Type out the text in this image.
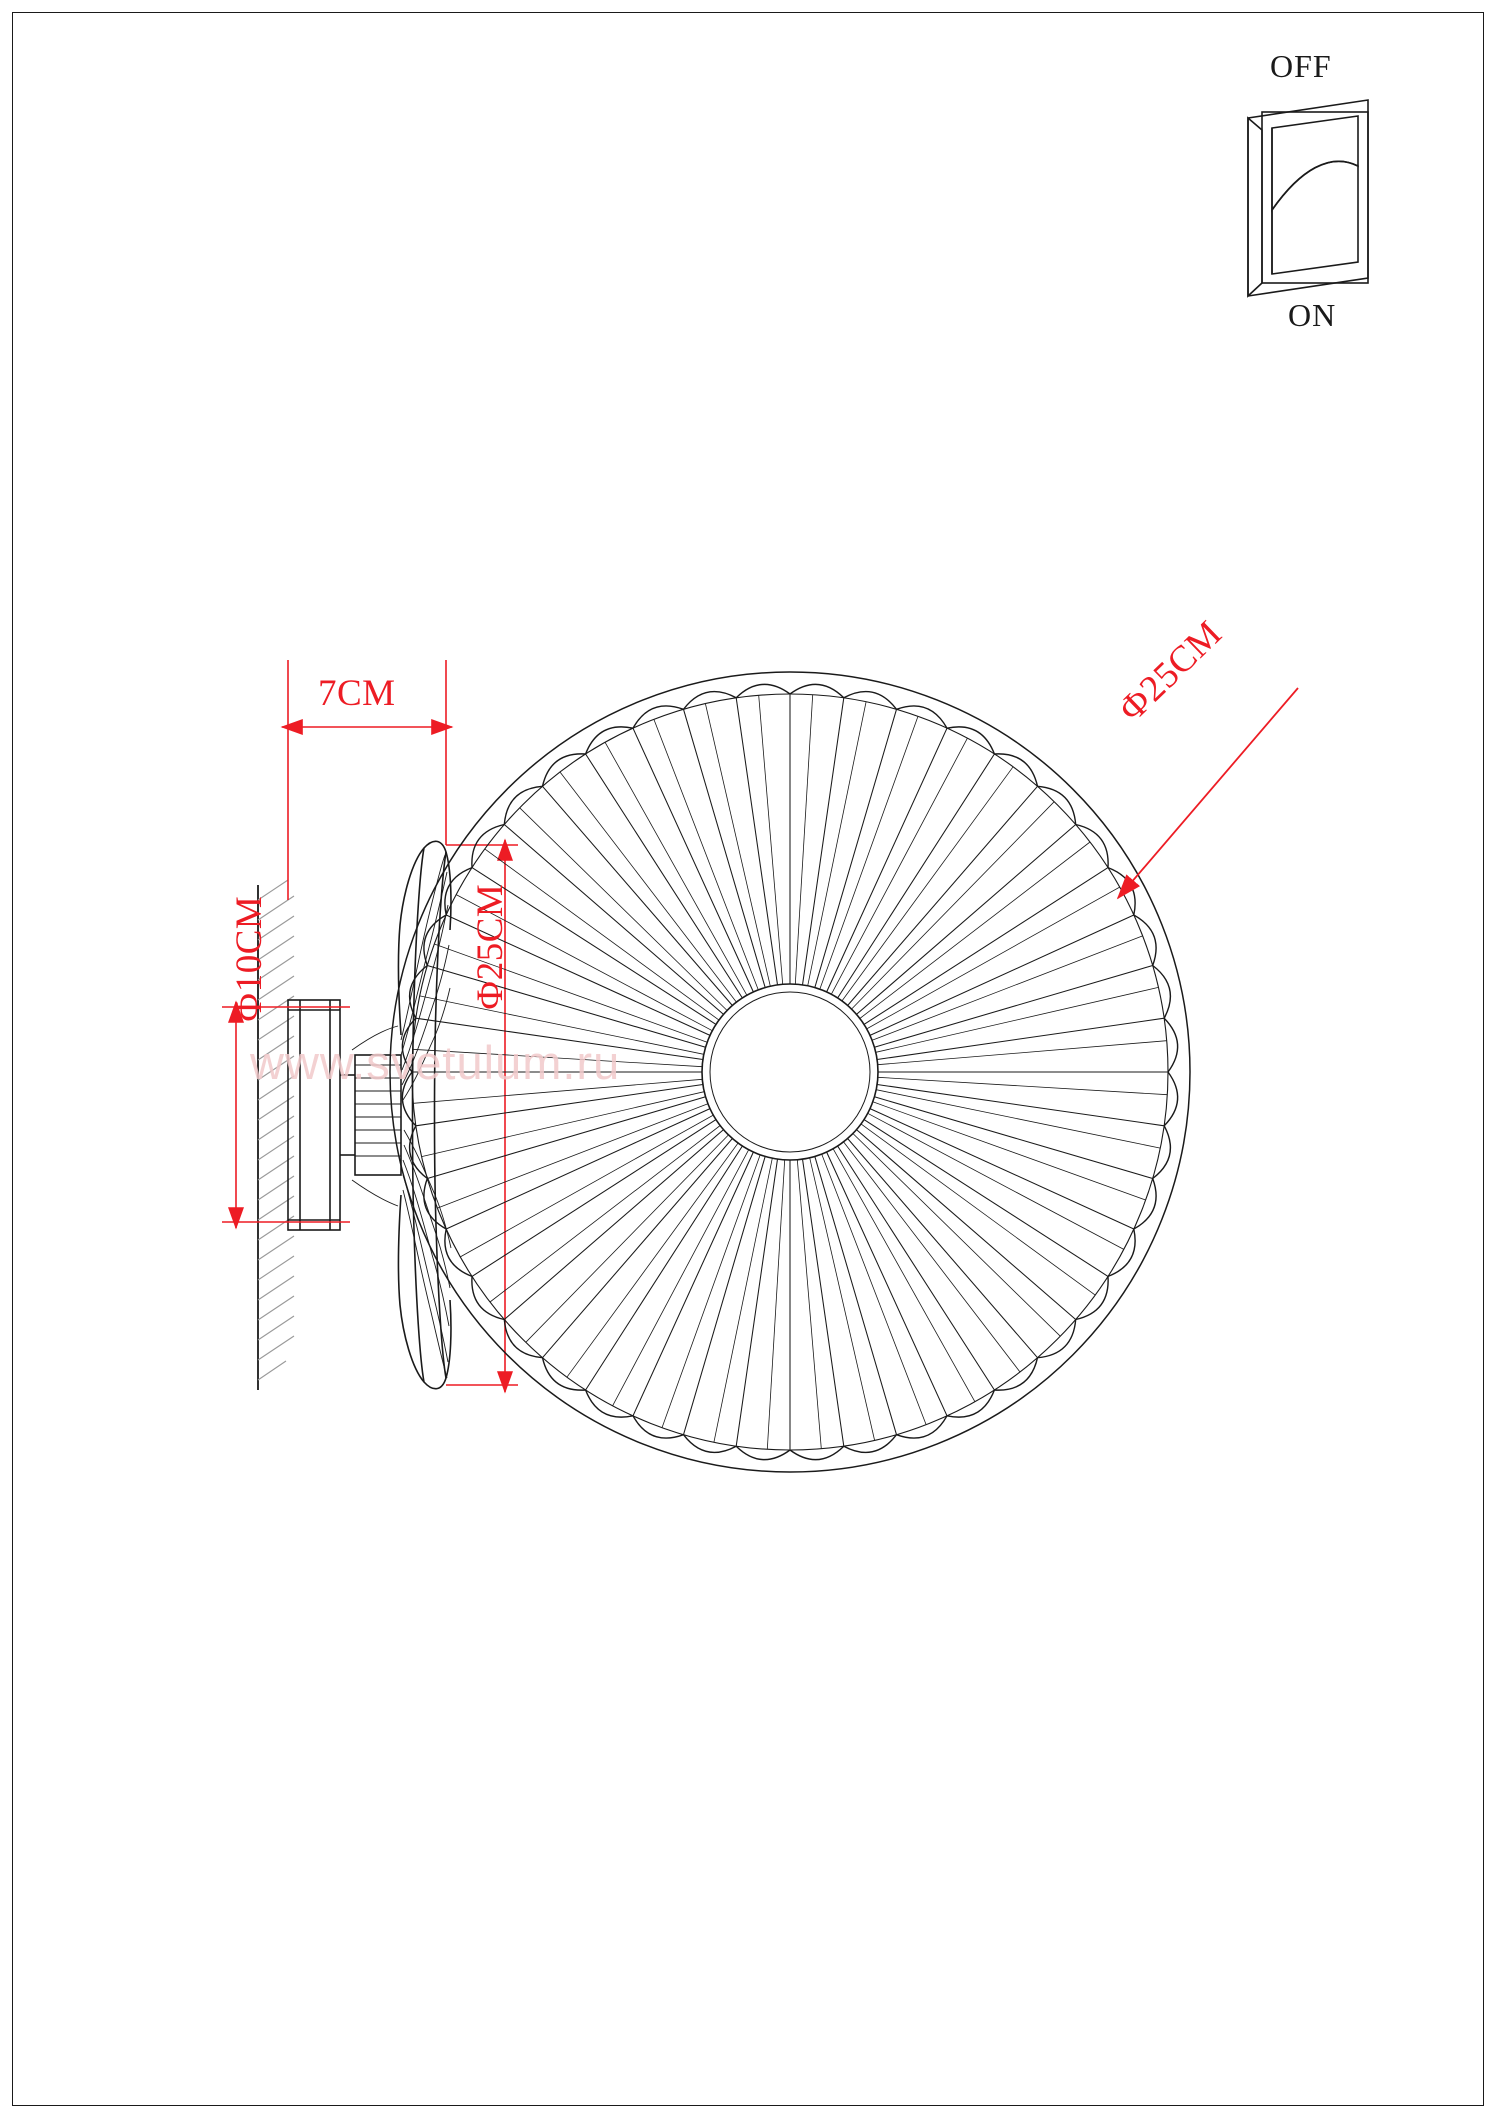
www.svetulum.ru
7CM
Ф25CM
Ф10CM
Ф25CM
OFF
ON
